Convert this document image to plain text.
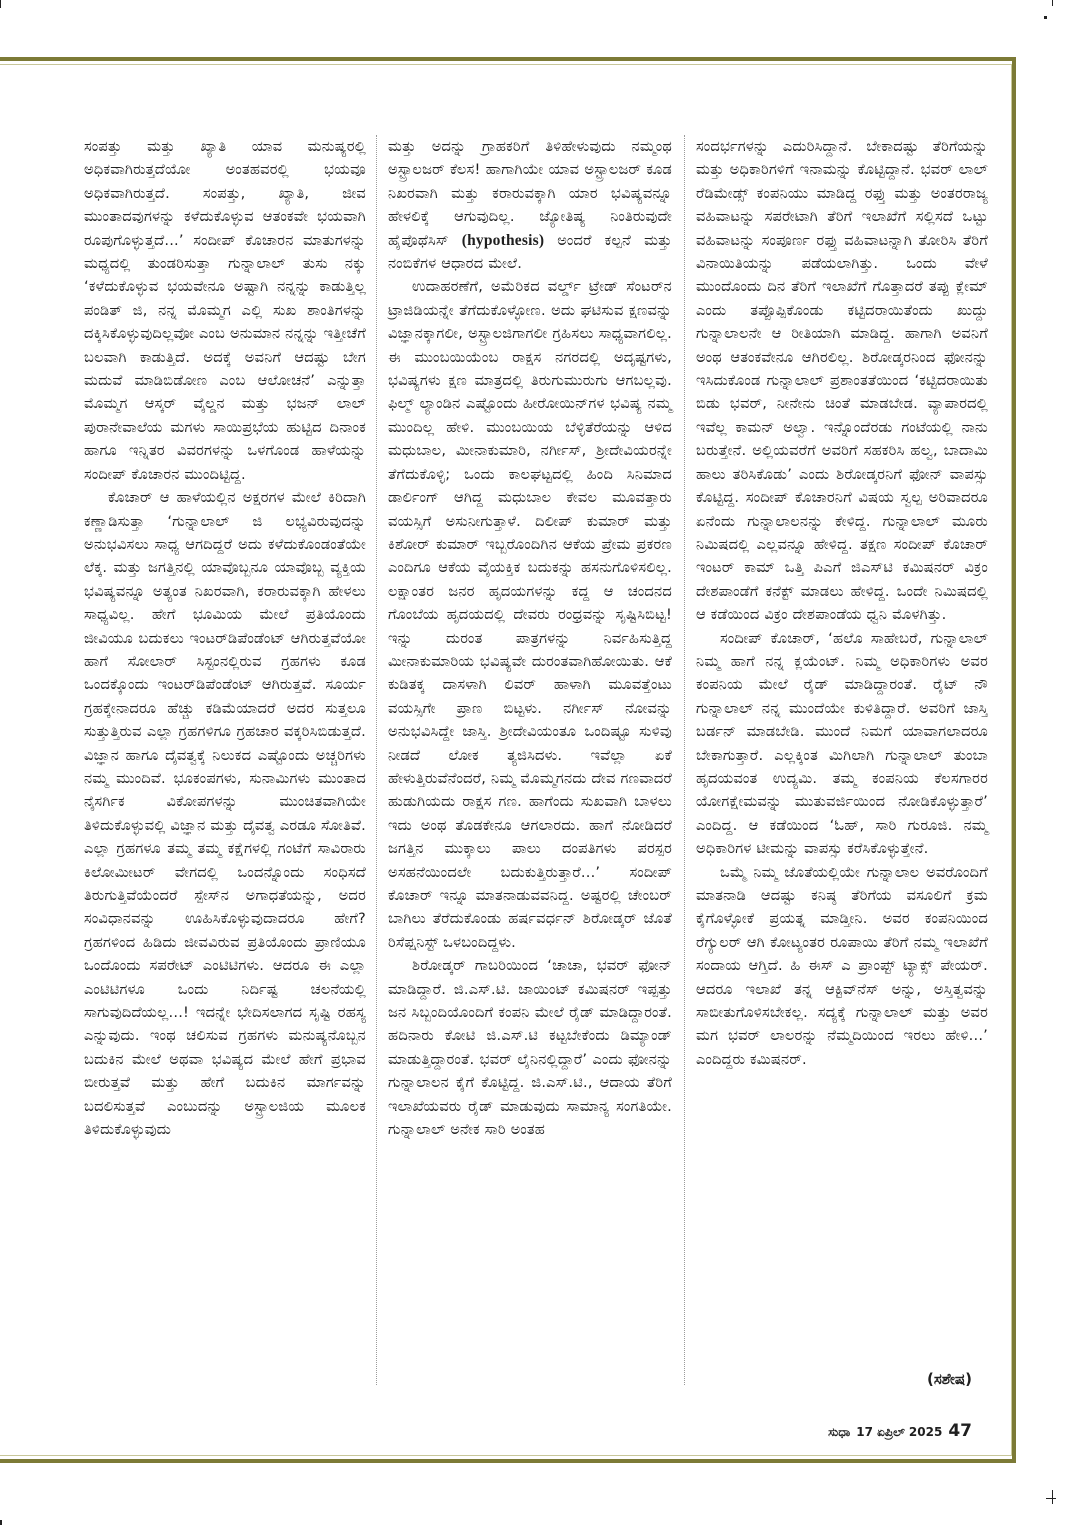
ಸಂಪತ್ತು ಮತ್ತು ಖ್ಯಾತಿ ಯಾವ ಮನುಷ್ಯರಲ್ಲಿ ಅಧಿಕವಾಗಿರುತ್ತದೆಯೋ ಅಂತಹವರಲ್ಲಿ ಭಯವೂ ಅಧಿಕವಾಗಿರುತ್ತದೆ. ಸಂಪತ್ತು, ಖ್ಯಾತಿ, ಜೀವ ಮುಂತಾದವುಗಳನ್ನು ಕಳೆದುಕೊಳ್ಳುವ ಆತಂಕವೇ ಭಯವಾಗಿ ರೂಪುಗೊಳ್ಳುತ್ತದೆ...’ ಸಂದೀಪ್ ಕೊಚಾರನ ಮಾತುಗಳನ್ನು ಮಧ್ಯದಲ್ಲಿ ತುಂಡರಿಸುತ್ತಾ ಗುನ್ನಾಲಾಲ್ ತುಸು ನಕ್ಕು ‘ಕಳೆದುಕೊಳ್ಳುವ ಭಯವೇನೂ ಅಷ್ಟಾಗಿ ನನ್ನನ್ನು ಕಾಡುತ್ತಿಲ್ಲ ಪಂಡಿತ್ ಜಿ, ನನ್ನ ಮೊಮ್ಮಗ ಎಲ್ಲಿ ಸುಖ ಶಾಂತಿಗಳನ್ನು ದಕ್ಕಿಸಿಕೊಳ್ಳುವುದಿಲ್ಲವೋ ಎಂಬ ಅನುಮಾನ ನನ್ನನ್ನು ಇತ್ತೀಚೆಗೆ ಬಲವಾಗಿ ಕಾಡುತ್ತಿದೆ. ಅದಕ್ಕೆ ಅವನಿಗೆ ಆದಷ್ಟು ಬೇಗ ಮದುವೆ ಮಾಡಿಬಿಡೋಣ ಎಂಬ ಆಲೋಚನೆ’ ಎನ್ನುತ್ತಾ ಮೊಮ್ಮಗ ಆಸ್ಕರ್ ವೈಲ್ಡನ ಮತ್ತು ಭಜನ್ ಲಾಲ್ ಪುರಾನೇವಾಲೆಯ ಮಗಳು ಸಾಯಿಪ್ರಭೆಯ ಹುಟ್ಟಿದ ದಿನಾಂಕ ಹಾಗೂ ಇನ್ನಿತರ ವಿವರಗಳನ್ನು ಒಳಗೊಂಡ ಹಾಳೆಯನ್ನು ಸಂದೀಪ್ ಕೊಚಾರನ ಮುಂದಿಟ್ಟಿದ್ದ.

ಕೊಚಾರ್ ಆ ಹಾಳೆಯಲ್ಲಿನ ಅಕ್ಷರಗಳ ಮೇಲೆ ಕಿರಿದಾಗಿ ಕಣ್ಣಾಡಿಸುತ್ತಾ ‘ಗುನ್ನಾಲಾಲ್ ಜಿ ಲಭ್ಯವಿರುವುದನ್ನು ಅನುಭವಿಸಲು ಸಾಧ್ಯ ಆಗದಿದ್ದರೆ ಅದು ಕಳೆದುಕೊಂಡಂತೆಯೇ ಲೆಕ್ಕ. ಮತ್ತು ಜಗತ್ತಿನಲ್ಲಿ ಯಾವೊಬ್ಬನೂ ಯಾವೊಬ್ಬ ವ್ಯಕ್ತಿಯ ಭವಿಷ್ಯವನ್ನೂ ಅತ್ಯಂತ ನಿಖರವಾಗಿ, ಕರಾರುವಕ್ಕಾಗಿ ಹೇಳಲು ಸಾಧ್ಯವಿಲ್ಲ. ಹೇಗೆ ಭೂಮಿಯ ಮೇಲೆ ಪ್ರತಿಯೊಂದು ಜೀವಿಯೂ ಬದುಕಲು ಇಂಟರ್‌ಡಿಪೆಂಡೆಂಟ್ ಆಗಿರುತ್ತವೆಯೋ ಹಾಗೆ ಸೋಲಾರ್ ಸಿಸ್ಟಂನಲ್ಲಿರುವ ಗ್ರಹಗಳು ಕೂಡ ಒಂದಕ್ಕೊಂದು ಇಂಟರ್‌ಡಿಪೆಂಡೆಂಟ್ ಆಗಿರುತ್ತವೆ. ಸೂರ್ಯ ಗ್ರಹಕ್ಕೇನಾದರೂ ಹೆಚ್ಚು ಕಡಿಮೆಯಾದರೆ ಅದರ ಸುತ್ತಲೂ ಸುತ್ತುತ್ತಿರುವ ಎಲ್ಲಾ ಗ್ರಹಗಳಿಗೂ ಗ್ರಹಚಾರ ವಕ್ಕರಿಸಿಬಿಡುತ್ತದೆ. ವಿಜ್ಞಾನ ಹಾಗೂ ದೈವತ್ವಕ್ಕೆ ನಿಲುಕದ ಎಷ್ಟೊಂದು ಅಚ್ಚರಿಗಳು ನಮ್ಮ ಮುಂದಿವೆ. ಭೂಕಂಪಗಳು, ಸುನಾಮಿಗಳು ಮುಂತಾದ ನೈಸರ್ಗಿಕ ವಿಕೋಪಗಳನ್ನು ಮುಂಚಿತವಾಗಿಯೇ ತಿಳಿದುಕೊಳ್ಳುವಲ್ಲಿ ವಿಜ್ಞಾನ ಮತ್ತು ದೈವತ್ವ ಎರಡೂ ಸೋತಿವೆ. ಎಲ್ಲಾ ಗ್ರಹಗಳೂ ತಮ್ಮ ತಮ್ಮ ಕಕ್ಷೆಗಳಲ್ಲಿ ಗಂಟೆಗೆ ಸಾವಿರಾರು ಕಿಲೋಮೀಟರ್ ವೇಗದಲ್ಲಿ ಒಂದನ್ನೊಂದು ಸಂಧಿಸದೆ ತಿರುಗುತ್ತಿವೆಯೆಂದರೆ ಸ್ಪೇಸ್‌ನ ಅಗಾಧತೆಯನ್ನು, ಅದರ ಸಂವಿಧಾನವನ್ನು ಊಹಿಸಿಕೊಳ್ಳುವುದಾದರೂ ಹೇಗೆ? ಗ್ರಹಗಳಿಂದ ಹಿಡಿದು ಜೀವವಿರುವ ಪ್ರತಿಯೊಂದು ಪ್ರಾಣಿಯೂ ಒಂದೊಂದು ಸಪರೇಟ್ ಎಂಟಿಟಿಗಳು. ಆದರೂ ಈ ಎಲ್ಲಾ ಎಂಟಿಟಿಗಳೂ ಒಂದು ನಿರ್ದಿಷ್ಟ ಚಲನೆಯಲ್ಲಿ ಸಾಗುವುದಿದೆಯಲ್ಲ...! ಇದನ್ನೇ ಭೇದಿಸಲಾಗದ ಸೃಷ್ಟಿ ರಹಸ್ಯ ಎನ್ನುವುದು. ಇಂಥ ಚಲಿಸುವ ಗ್ರಹಗಳು ಮನುಷ್ಯನೊಬ್ಬನ ಬದುಕಿನ ಮೇಲೆ ಅಥವಾ ಭವಿಷ್ಯದ ಮೇಲೆ ಹೇಗೆ ಪ್ರಭಾವ ಬೀರುತ್ತವೆ ಮತ್ತು ಹೇಗೆ ಬದುಕಿನ ಮಾರ್ಗವನ್ನು ಬದಲಿಸುತ್ತವೆ ಎಂಬುದನ್ನು ಅಸ್ಟ್ರಾಲಜಿಯ ಮೂಲಕ ತಿಳಿದುಕೊಳ್ಳುವುದು

ಮತ್ತು ಅದನ್ನು ಗ್ರಾಹಕರಿಗೆ ತಿಳಿಹೇಳುವುದು ನಮ್ಮಂಥ ಅಸ್ಟ್ರಾಲಜರ್ ಕೆಲಸ! ಹಾಗಾಗಿಯೇ ಯಾವ ಅಸ್ಟ್ರಾಲಜರ್ ಕೂಡ ನಿಖರವಾಗಿ ಮತ್ತು ಕರಾರುವಕ್ಕಾಗಿ ಯಾರ ಭವಿಷ್ಯವನ್ನೂ ಹೇಳಲಿಕ್ಕೆ ಆಗುವುದಿಲ್ಲ. ಜ್ಯೋತಿಷ್ಯ ನಿಂತಿರುವುದೇ ಹೈಪೊಥೆಸಿಸ್ (hypothesis) ಅಂದರೆ ಕಲ್ಪನೆ ಮತ್ತು ನಂಬಿಕೆಗಳ ಆಧಾರದ ಮೇಲೆ.

ಉದಾಹರಣೆಗೆ, ಅಮೆರಿಕದ ವರ್ಲ್ಡ್ ಟ್ರೇಡ್ ಸೆಂಟರ್‌ನ ಟ್ರಾಜಿಡಿಯನ್ನೇ ತೆಗೆದುಕೊಳ್ಳೋಣ. ಅದು ಘಟಿಸುವ ಕ್ಷಣವನ್ನು ವಿಜ್ಞಾನಕ್ಕಾಗಲೀ, ಅಸ್ಟ್ರಾಲಜಿಗಾಗಲೀ ಗ್ರಹಿಸಲು ಸಾಧ್ಯವಾಗಲಿಲ್ಲ. ಈ ಮುಂಬಯಿಯೆಂಬ ರಾಕ್ಷಸ ನಗರದಲ್ಲಿ ಅದೃಷ್ಟಗಳು, ಭವಿಷ್ಯಗಳು ಕ್ಷಣ ಮಾತ್ರದಲ್ಲಿ ತಿರುಗುಮುರುಗು ಆಗಬಲ್ಲವು. ಫಿಲ್ಮ್ ಲ್ಯಾಂಡಿನ ಎಷ್ಟೊಂದು ಹೀರೋಯಿನ್‌ಗಳ ಭವಿಷ್ಯ ನಮ್ಮ ಮುಂದಿಲ್ಲ ಹೇಳಿ. ಮುಂಬಯಿಯ ಬೆಳ್ಳಿತೆರೆಯನ್ನು ಆಳಿದ ಮಧುಬಾಲ, ಮೀನಾಕುಮಾರಿ, ನರ್ಗೀಸ್, ಶ್ರೀದೇವಿಯರನ್ನೇ ತೆಗೆದುಕೊಳ್ಳಿ; ಒಂದು ಕಾಲಘಟ್ಟದಲ್ಲಿ ಹಿಂದಿ ಸಿನಿಮಾದ ಡಾರ್ಲಿಂಗ್ ಆಗಿದ್ದ ಮಧುಬಾಲ ಕೇವಲ ಮೂವತ್ತಾರು ವಯಸ್ಸಿಗೆ ಅಸುನೀಗುತ್ತಾಳೆ. ದಿಲೀಪ್ ಕುಮಾರ್ ಮತ್ತು ಕಿಶೋರ್ ಕುಮಾರ್ ಇಬ್ಬರೊಂದಿಗಿನ ಆಕೆಯ ಪ್ರೇಮ ಪ್ರಕರಣ ಎಂದಿಗೂ ಆಕೆಯ ವೈಯಕ್ತಿಕ ಬದುಕನ್ನು ಹಸನುಗೊಳಿಸಲಿಲ್ಲ. ಲಕ್ಷಾಂತರ ಜನರ ಹೃದಯಗಳನ್ನು ಕದ್ದ ಆ ಚಂದನದ ಗೊಂಬೆಯ ಹೃದಯದಲ್ಲಿ ದೇವರು ರಂಧ್ರವನ್ನು ಸೃಷ್ಟಿಸಿಬಿಟ್ಟ! ಇನ್ನು ದುರಂತ ಪಾತ್ರಗಳನ್ನು ನಿರ್ವಹಿಸುತ್ತಿದ್ದ ಮೀನಾಕುಮಾರಿಯ ಭವಿಷ್ಯವೇ ದುರಂತವಾಗಿಹೋಯಿತು. ಆಕೆ ಕುಡಿತಕ್ಕ ದಾಸಳಾಗಿ ಲಿವರ್ ಹಾಳಾಗಿ ಮೂವತ್ತೆಂಟು ವಯಸ್ಸಿಗೇ ಪ್ರಾಣ ಬಿಟ್ಟಳು. ನರ್ಗೀಸ್ ನೋವನ್ನು ಅನುಭವಿಸಿದ್ದೇ ಜಾಸ್ತಿ. ಶ್ರೀದೇವಿಯಂತೂ ಒಂದಿಷ್ಟೂ ಸುಳಿವು ನೀಡದೆ ಲೋಕ ತ್ಯಜಿಸಿದಳು. ಇವೆಲ್ಲಾ ಏಕೆ ಹೇಳುತ್ತಿರುವೆನೆಂದರೆ, ನಿಮ್ಮ ಮೊಮ್ಮಗನದು ದೇವ ಗಣವಾದರೆ ಹುಡುಗಿಯದು ರಾಕ್ಷಸ ಗಣ. ಹಾಗೆಂದು ಸುಖವಾಗಿ ಬಾಳಲು ಇದು ಅಂಥ ತೊಡಕೇನೂ ಆಗಲಾರದು. ಹಾಗೆ ನೋಡಿದರೆ ಜಗತ್ತಿನ ಮುಕ್ಕಾಲು ಪಾಲು ದಂಪತಿಗಳು ಪರಸ್ಪರ ಅಸಹನೆಯಿಂದಲೇ ಬದುಕುತ್ತಿರುತ್ತಾರೆ...’ ಸಂದೀಪ್ ಕೊಚಾರ್ ಇನ್ನೂ ಮಾತನಾಡುವವನಿದ್ದ. ಅಷ್ಟರಲ್ಲಿ ಚೇಂಬರ್ ಬಾಗಿಲು ತೆರೆದುಕೊಂಡು ಹರ್ಷವರ್ಧನ್ ಶಿರೋಡ್ಕರ್ ಜೊತೆ ರಿಸೆಪ್ಷನಿಸ್ಟ್ ಒಳಬಂದಿದ್ದಳು.

ಶಿರೋಡ್ಕರ್ ಗಾಬರಿಯಿಂದ ‘ಚಾಚಾ, ಭವರ್ ಫೋನ್ ಮಾಡಿದ್ದಾರೆ. ಜಿ.ಎಸ್.ಟಿ. ಜಾಯಿಂಟ್ ಕಮಿಷನರ್ ಇಪ್ಪತ್ತು ಜನ ಸಿಬ್ಬಂದಿಯೊಂದಿಗೆ ಕಂಪನಿ ಮೇಲೆ ರೈಡ್ ಮಾಡಿದ್ದಾರಂತೆ. ಹದಿನಾರು ಕೋಟಿ ಜಿ.ಎಸ್.ಟಿ ಕಟ್ಟಬೇಕೆಂದು ಡಿಮ್ಯಾಂಡ್ ಮಾಡುತ್ತಿದ್ದಾರಂತೆ. ಭವರ್ ಲೈನಿನಲ್ಲಿದ್ದಾರೆ’ ಎಂದು ಫೋನನ್ನು ಗುನ್ನಾಲಾಲನ ಕೈಗೆ ಕೊಟ್ಟಿದ್ದ. ಜಿ.ಎಸ್.ಟಿ., ಆದಾಯ ತೆರಿಗೆ ಇಲಾಖೆಯವರು ರೈಡ್ ಮಾಡುವುದು ಸಾಮಾನ್ಯ ಸಂಗತಿಯೇ. ಗುನ್ನಾಲಾಲ್ ಅನೇಕ ಸಾರಿ ಅಂತಹ

ಸಂದರ್ಭಗಳನ್ನು ಎದುರಿಸಿದ್ದಾನೆ. ಬೇಕಾದಷ್ಟು ತೆರಿಗೆಯನ್ನು ಮತ್ತು ಅಧಿಕಾರಿಗಳಿಗೆ ಇನಾಮನ್ನು ಕೊಟ್ಟಿದ್ದಾನೆ. ಭವರ್ ಲಾಲ್ ರೆಡಿಮೇಡ್ಸ್ ಕಂಪನಿಯು ಮಾಡಿದ್ದ ರಫ್ತು ಮತ್ತು ಅಂತರರಾಜ್ಯ ವಹಿವಾಟನ್ನು ಸಪರೇಟಾಗಿ ತೆರಿಗೆ ಇಲಾಖೆಗೆ ಸಲ್ಲಿಸದೆ ಒಟ್ಟು ವಹಿವಾಟನ್ನು ಸಂಪೂರ್ಣ ರಫ್ತು ವಹಿವಾಟನ್ನಾಗಿ ತೋರಿಸಿ ತೆರಿಗೆ ವಿನಾಯಿತಿಯನ್ನು ಪಡೆಯಲಾಗಿತ್ತು. ಒಂದು ವೇಳೆ ಮುಂದೊಂದು ದಿನ ತೆರಿಗೆ ಇಲಾಖೆಗೆ ಗೊತ್ತಾದರೆ ತಪ್ಪು ಕ್ಲೇಮ್ ಎಂದು ತಪ್ಪೊಪ್ಪಿಕೊಂಡು ಕಟ್ಟಿದರಾಯಿತೆಂದು ಖುದ್ದು ಗುನ್ನಾಲಾಲನೇ ಆ ರೀತಿಯಾಗಿ ಮಾಡಿದ್ದ. ಹಾಗಾಗಿ ಅವನಿಗೆ ಅಂಥ ಆತಂಕವೇನೂ ಆಗಿರಲಿಲ್ಲ. ಶಿರೋಡ್ಕರನಿಂದ ಫೋನನ್ನು ಇಸಿದುಕೊಂಡ ಗುನ್ನಾಲಾಲ್ ಪ್ರಶಾಂತತೆಯಿಂದ ‘ಕಟ್ಟಿದರಾಯಿತು ಬಿಡು ಭವರ್, ನೀನೇನು ಚಿಂತೆ ಮಾಡಬೇಡ. ವ್ಯಾಪಾರದಲ್ಲಿ ಇವೆಲ್ಲ ಕಾಮನ್ ಅಲ್ವಾ. ಇನ್ನೊಂದೆರಡು ಗಂಟೆಯಲ್ಲಿ ನಾನು ಬರುತ್ತೇನೆ. ಅಲ್ಲಿಯವರೆಗೆ ಅವರಿಗೆ ಸಹಕರಿಸಿ ಹಲ್ವ, ಬಾದಾಮಿ ಹಾಲು ತರಿಸಿಕೊಡು’ ಎಂದು ಶಿರೋಡ್ಕರನಿಗೆ ಫೋನ್ ವಾಪಸ್ಸು ಕೊಟ್ಟಿದ್ದ. ಸಂದೀಪ್ ಕೊಚಾರನಿಗೆ ವಿಷಯ ಸ್ವಲ್ಪ ಅರಿವಾದರೂ ಏನೆಂದು ಗುನ್ನಾಲಾಲನನ್ನು ಕೇಳಿದ್ದ. ಗುನ್ನಾಲಾಲ್ ಮೂರು ನಿಮಿಷದಲ್ಲಿ ಎಲ್ಲವನ್ನೂ ಹೇಳಿದ್ದ. ತಕ್ಷಣ ಸಂದೀಪ್ ಕೊಚಾರ್ ಇಂಟರ್ ಕಾಮ್ ಒತ್ತಿ ಪಿಎಗೆ ಜಿಎಸ್‌ಟಿ ಕಮಿಷನರ್ ವಿಕ್ರಂ ದೇಶಪಾಂಡೆಗೆ ಕನೆಕ್ಟ್ ಮಾಡಲು ಹೇಳಿದ್ದ. ಒಂದೇ ನಿಮಿಷದಲ್ಲಿ ಆ ಕಡೆಯಿಂದ ವಿಕ್ರಂ ದೇಶಪಾಂಡೆಯ ಧ್ವನಿ ಮೊಳಗಿತ್ತು.

ಸಂದೀಪ್ ಕೊಚಾರ್, ‘ಹಲೊ ಸಾಹೇಬರೆ, ಗುನ್ನಾಲಾಲ್ ನಿಮ್ಮ ಹಾಗೆ ನನ್ನ ಕ್ಲಯೆಂಟ್. ನಿಮ್ಮ ಅಧಿಕಾರಿಗಳು ಅವರ ಕಂಪನಿಯ ಮೇಲೆ ರೈಡ್ ಮಾಡಿದ್ದಾರಂತೆ. ರೈಟ್ ನೌ ಗುನ್ನಾಲಾಲ್ ನನ್ನ ಮುಂದೆಯೇ ಕುಳಿತಿದ್ದಾರೆ. ಅವರಿಗೆ ಜಾಸ್ತಿ ಬರ್ಡನ್ ಮಾಡಬೇಡಿ. ಮುಂದೆ ನಿಮಗೆ ಯಾವಾಗಲಾದರೂ ಬೇಕಾಗುತ್ತಾರೆ. ಎಲ್ಲಕ್ಕಿಂತ ಮಿಗಿಲಾಗಿ ಗುನ್ನಾಲಾಲ್ ತುಂಬಾ ಹೃದಯವಂತ ಉದ್ಯಮಿ. ತಮ್ಮ ಕಂಪನಿಯ ಕೆಲಸಗಾರರ ಯೋಗಕ್ಷೇಮವನ್ನು ಮುತುವರ್ಜಿಯಿಂದ ನೋಡಿಕೊಳ್ಳುತ್ತಾರೆ’ ಎಂದಿದ್ದ. ಆ ಕಡೆಯಿಂದ ‘ಓಹ್, ಸಾರಿ ಗುರೂಜಿ. ನಮ್ಮ ಅಧಿಕಾರಿಗಳ ಟೀಮನ್ನು ವಾಪಸ್ಸು ಕರೆಸಿಕೊಳ್ಳುತ್ತೇನೆ.

ಒಮ್ಮೆ ನಿಮ್ಮ ಜೊತೆಯಲ್ಲಿಯೇ ಗುನ್ನಾಲಾಲ ಅವರೊಂದಿಗೆ ಮಾತನಾಡಿ ಆದಷ್ಟು ಕನಿಷ್ಠ ತೆರಿಗೆಯ ವಸೂಲಿಗೆ ಕ್ರಮ ಕೈಗೊಳ್ಳೋಕೆ ಪ್ರಯತ್ನ ಮಾಡ್ತೀನಿ. ಅವರ ಕಂಪನಿಯಿಂದ ರೆಗ್ಯುಲರ್ ಆಗಿ ಕೋಟ್ಯಂತರ ರೂಪಾಯಿ ತೆರಿಗೆ ನಮ್ಮ ಇಲಾಖೆಗೆ ಸಂದಾಯ ಆಗ್ತಿದೆ. ಹಿ ಈಸ್ ಎ ಪ್ರಾಂಪ್ಟ್ ಟ್ಯಾಕ್ಸ್ ಪೇಯರ್. ಆದರೂ ಇಲಾಖೆ ತನ್ನ ಆಕ್ಟಿವ್‌ನೆಸ್ ಅನ್ನು, ಅಸ್ತಿತ್ವವನ್ನು ಸಾಬೀತುಗೊಳಿಸಬೇಕಲ್ಲ. ಸದ್ಯಕ್ಕೆ ಗುನ್ನಾಲಾಲ್ ಮತ್ತು ಅವರ ಮಗ ಭವರ್ ಲಾಲರನ್ನು ನೆಮ್ಮದಿಯಿಂದ ಇರಲು ಹೇಳಿ...’ ಎಂದಿದ್ದರು ಕಮಿಷನರ್.

(ಸಶೇಷ)
ಸುಧಾ 17 ಏಪ್ರಿಲ್ 2025 47
